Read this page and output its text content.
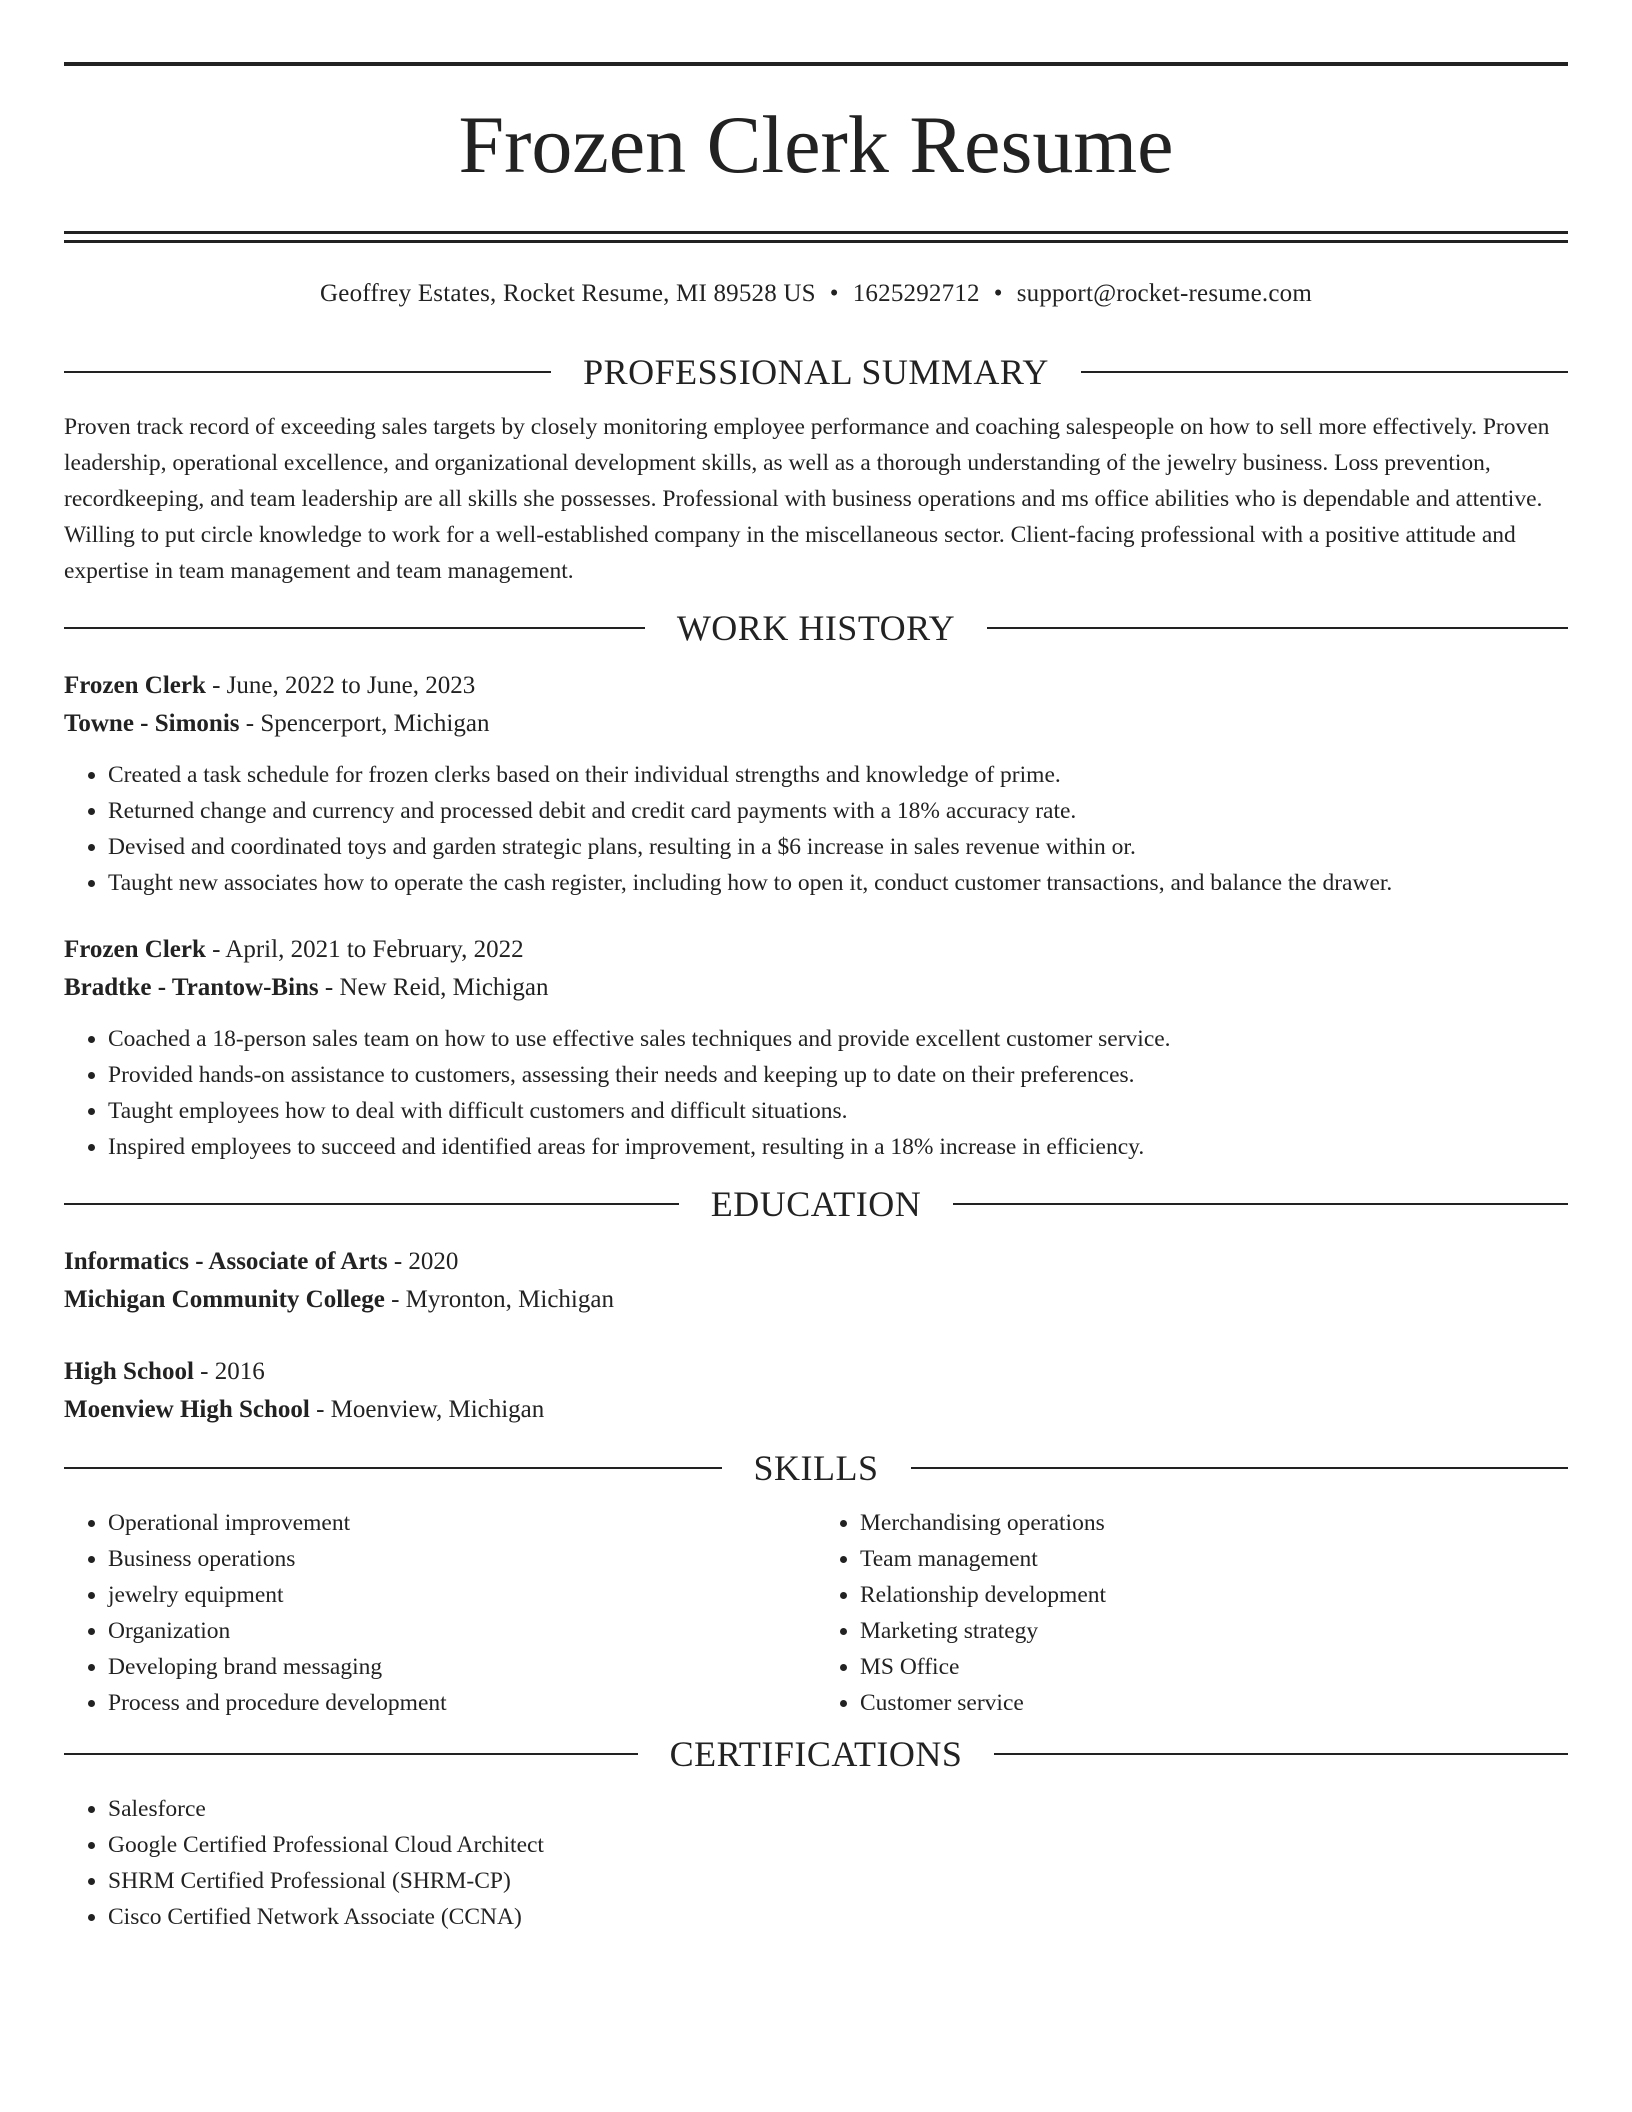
Frozen Clerk Resume
Geoffrey Estates, Rocket Resume, MI 89528 US • 1625292712 • support@rocket-resume.com
PROFESSIONAL SUMMARY

Proven track record of exceeding sales targets by closely monitoring employee performance and coaching salespeople on how to sell more effectively. Proven leadership, operational excellence, and organizational development skills, as well as a thorough understanding of the jewelry business. Loss prevention, recordkeeping, and team leadership are all skills she possesses. Professional with business operations and ms office abilities who is dependable and attentive. Willing to put circle knowledge to work for a well-established company in the miscellaneous sector. Client-facing professional with a positive attitude and expertise in team management and team management.

WORK HISTORY
Frozen Clerk - June, 2022 to June, 2023
Towne - Simonis - Spencerport, Michigan
• Created a task schedule for frozen clerks based on their individual strengths and knowledge of prime.
• Returned change and currency and processed debit and credit card payments with a 18% accuracy rate.
• Devised and coordinated toys and garden strategic plans, resulting in a $6 increase in sales revenue within or.
• Taught new associates how to operate the cash register, including how to open it, conduct customer transactions, and balance the drawer.
Frozen Clerk - April, 2021 to February, 2022
Bradtke - Trantow-Bins - New Reid, Michigan
• Coached a 18-person sales team on how to use effective sales techniques and provide excellent customer service.
• Provided hands-on assistance to customers, assessing their needs and keeping up to date on their preferences.
• Taught employees how to deal with difficult customers and difficult situations.
• Inspired employees to succeed and identified areas for improvement, resulting in a 18% increase in efficiency.
EDUCATION
Informatics - Associate of Arts - 2020
Michigan Community College - Myronton, Michigan
High School - 2016
Moenview High School - Moenview, Michigan
SKILLS
• Operational improvement
• Business operations
• jewelry equipment
• Organization
• Developing brand messaging
• Process and procedure development
• Merchandising operations
• Team management
• Relationship development
• Marketing strategy
• MS Office
• Customer service
CERTIFICATIONS
• Salesforce
• Google Certified Professional Cloud Architect
• SHRM Certified Professional (SHRM-CP)
• Cisco Certified Network Associate (CCNA)
